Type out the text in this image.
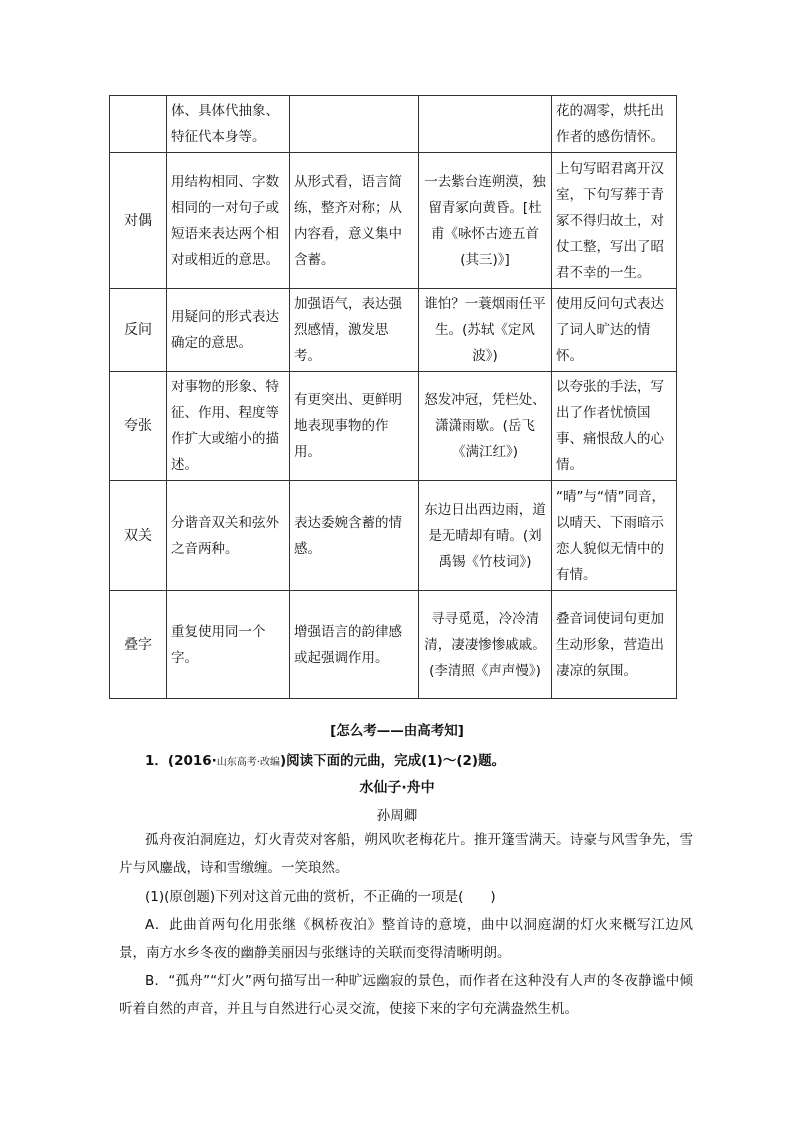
	体、具体代抽象、特征代本身等。			花的凋零，烘托出作者的感伤情怀。
对偶	用结构相同、字数相同的一对句子或短语来表达两个相对或相近的意思。	从形式看，语言简练，整齐对称；从内容看，意义集中含蓄。	一去紫台连朔漠，独留青冢向黄昏。[杜甫《咏怀古迹五首(其三)》]	上句写昭君离开汉室，下句写葬于青冢不得归故土，对仗工整，写出了昭君不幸的一生。
反问	用疑问的形式表达确定的意思。	加强语气，表达强烈感情，激发思考。	谁怕？一蓑烟雨任平生。(苏轼《定风波》)	使用反问句式表达了词人旷达的情怀。
夸张	对事物的形象、特征、作用、程度等作扩大或缩小的描述。	有更突出、更鲜明地表现事物的作用。	怒发冲冠，凭栏处、潇潇雨歇。(岳飞《满江红》)	以夸张的手法，写出了作者忧愤国事、痛恨敌人的心情。
双关	分谐音双关和弦外之音两种。	表达委婉含蓄的情感。	东边日出西边雨，道是无晴却有晴。(刘禹锡《竹枝词》)	“晴”与“情”同音，以晴天、下雨暗示恋人貌似无情中的有情。
叠字	重复使用同一个字。	增强语言的韵律感或起强调作用。	寻寻觅觅，冷冷清清，凄凄惨惨戚戚。(李清照《声声慢》)	叠音词使词句更加生动形象，营造出凄凉的氛围。
[怎么考——由高考知]
1．(2016·山东高考·改编)阅读下面的元曲，完成(1)～(2)题。
水仙子·舟中
孙周卿
孤舟夜泊洞庭边，灯火青荧对客船，朔风吹老梅花片。推开篷雪满天。诗豪与风雪争先，雪片与风鏖战，诗和雪缴缠。一笑琅然。
(1)(原创题)下列对这首元曲的赏析，不正确的一项是(　　)
A．此曲首两句化用张继《枫桥夜泊》整首诗的意境，曲中以洞庭湖的灯火来概写江边风景，南方水乡冬夜的幽静美丽因与张继诗的关联而变得清晰明朗。
B．“孤舟”“灯火”两句描写出一种旷远幽寂的景色，而作者在这种没有人声的冬夜静谧中倾听着自然的声音，并且与自然进行心灵交流，使接下来的字句充满盎然生机。
